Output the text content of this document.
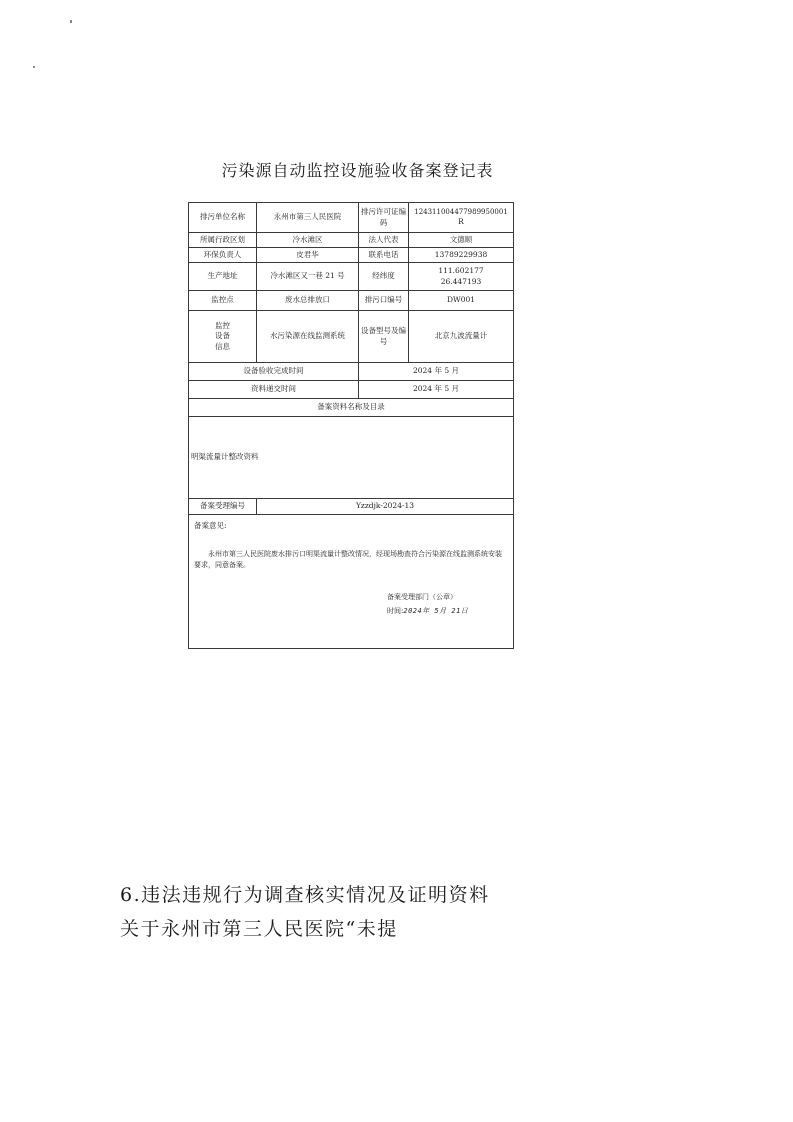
污染源自动监控设施验收备案登记表
排污单位名称	永州市第三人民医院	排污许可证编码	12431100447798995000​1
R

所属行政区划	冷水滩区	法人代表	文德顺
环保负责人	皮君华	联系电话	13789229938
生产地址	冷水滩区又一巷 21 号	经纬度	111.602177
26.447193

监控点	废水总排放口	排污口编号	DW001

监控
设备
信息	水污染源在线监测系统	设备型号及编号	北京九波流量计
设备验收完成时间		2024 年 5 月	
资料递交时间		2024 年 5 月	
备案资料名称及目录			
明渠流量计整改资料			
备案受理编号	Yzzdjk-2024-13		

备案意见:
永州市第三人民医院废水排污口明渠流量计整改情况，经现场勘查符合污染源在线监测系统安装要求，同意备案。
备案受理部门（公章）
时间:2024年 5月 21日			
6.违法违规行为调查核实情况及证明资料
关于永州市第三人民医院“未提
